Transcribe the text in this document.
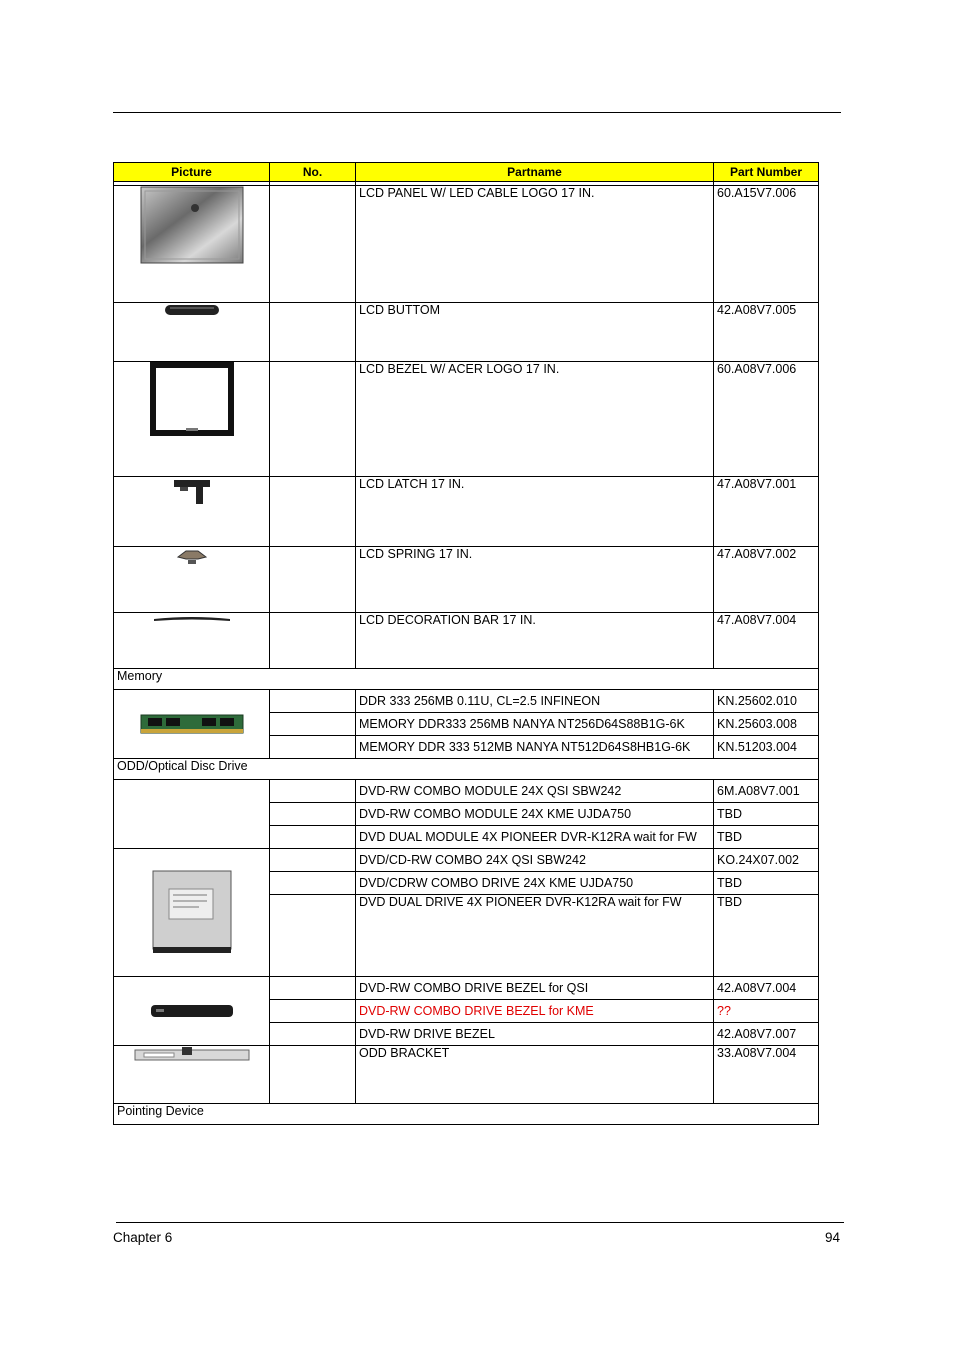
Picture	No.	Partname	Part Number

		LCD PANEL W/ LED CABLE LOGO 17 IN.	60.A15V7.006

		LCD BUTTOM	42.A08V7.005

		LCD BEZEL W/ ACER LOGO 17 IN.	60.A08V7.006

		LCD LATCH 17 IN.	47.A08V7.001

		LCD SPRING 17 IN.	47.A08V7.002

		LCD DECORATION BAR 17 IN.	47.A08V7.004
Memory			

		DDR 333 256MB 0.11U, CL=2.5 INFINEON	KN.25602.010
		MEMORY DDR333 256MB NANYA NT256D64S88B1G-6K	KN.25603.008
		MEMORY DDR 333 512MB NANYA NT512D64S8HB1G-6K	KN.51203.004
ODD/Optical Disc Drive			
		DVD-RW COMBO MODULE 24X QSI SBW242	6M.A08V7.001
		DVD-RW COMBO MODULE 24X KME UJDA750	TBD
		DVD DUAL MODULE 4X PIONEER DVR-K12RA wait for FW	TBD

		DVD/CD-RW COMBO 24X QSI SBW242	KO.24X07.002
		DVD/CDRW COMBO DRIVE 24X KME UJDA750	TBD
		DVD DUAL DRIVE 4X PIONEER DVR-K12RA wait for FW	TBD

		DVD-RW COMBO DRIVE BEZEL for QSI	42.A08V7.004
		DVD-RW COMBO DRIVE BEZEL for KME	??
		DVD-RW DRIVE BEZEL	42.A08V7.007

		ODD BRACKET	33.A08V7.004
Pointing Device			
Chapter 6	94
